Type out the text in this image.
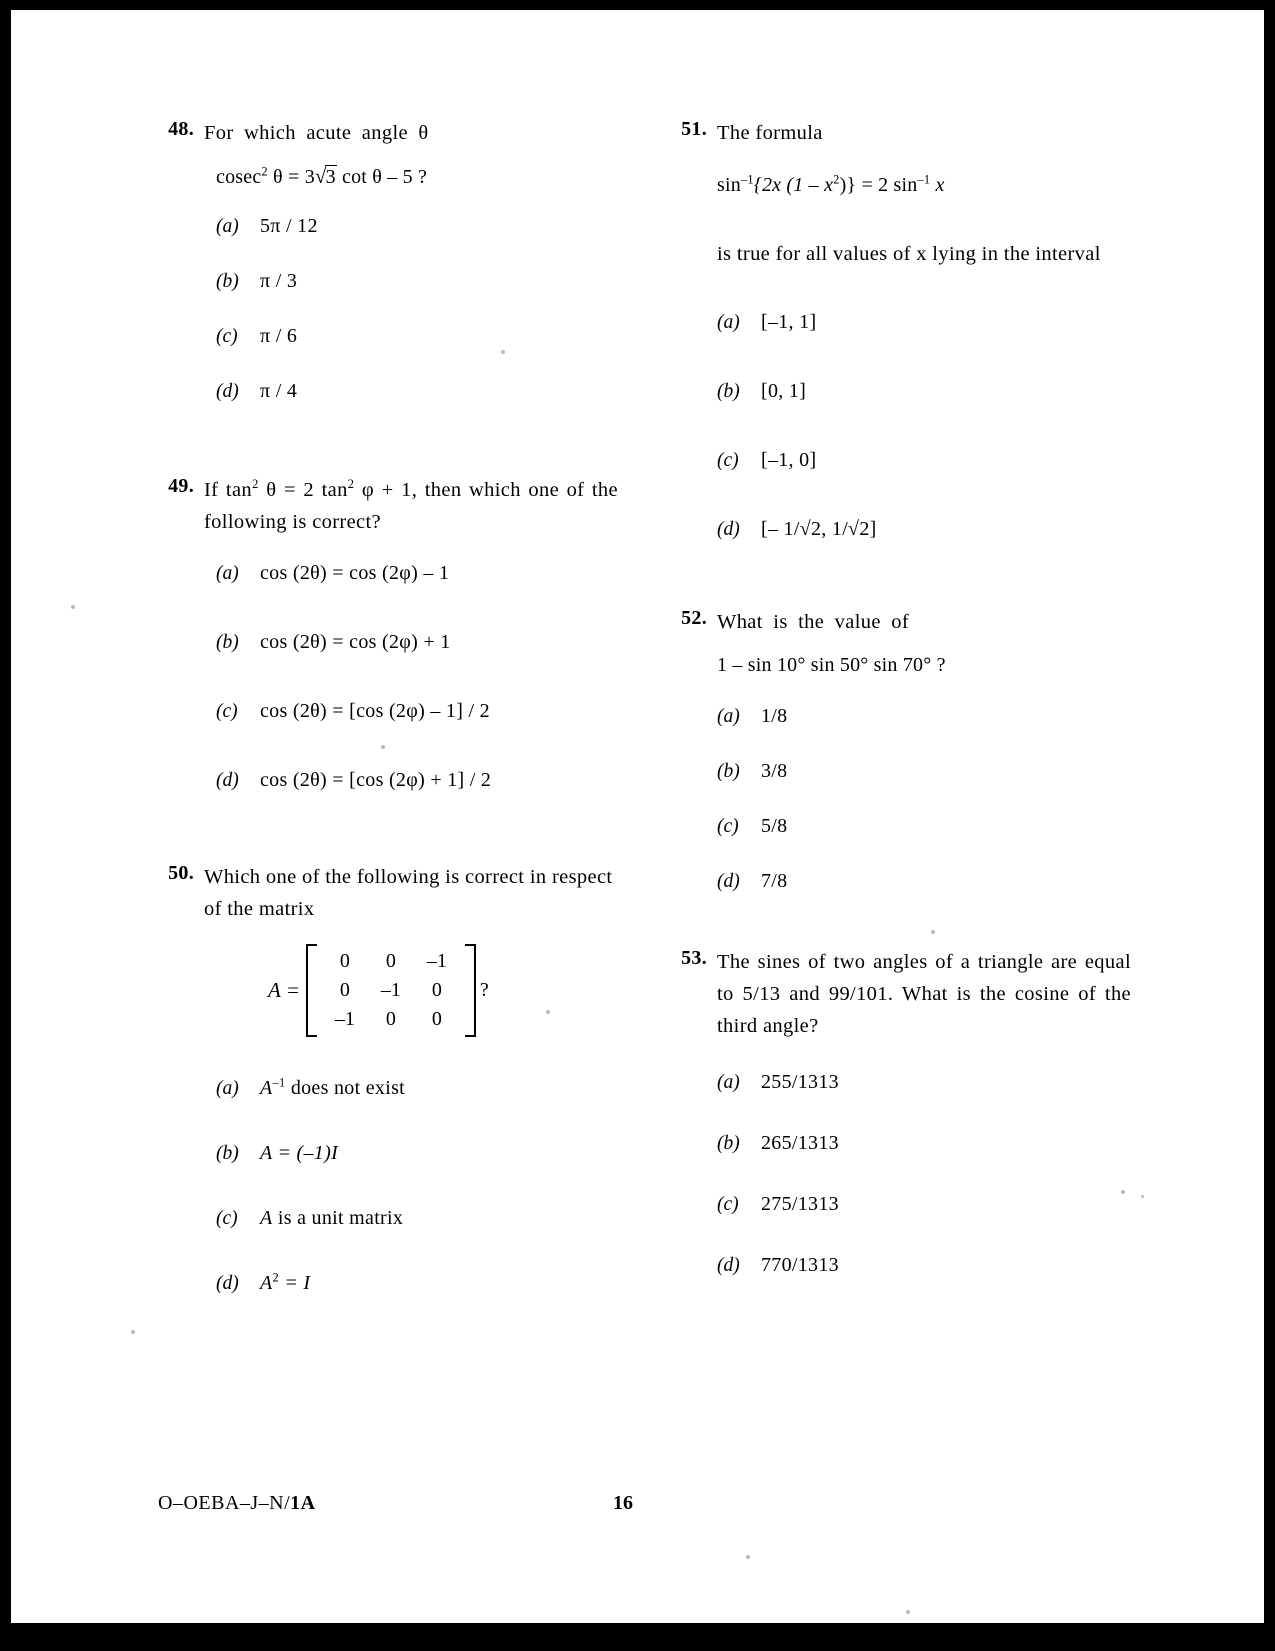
48. For which acute angle θ
cosec$^2$ θ = 3√3 cot θ – 5 ?
(a)	5π / 12
(b)	π / 3
(c)	π / 6
(d)	π / 4
49. If $\tan^2 \theta = 2$ $\tan^2 \varphi + 1$, then which one of the following is correct?
(a)	cos (2θ) = cos (2φ) – 1
(b)	cos (2θ) = cos (2φ) + 1
(c)	cos (2θ) = [cos (2φ) – 1] / 2
(d)	cos (2θ) = [cos (2φ) + 1] / 2
50. Which one of the following is correct in respect of the matrix
A =
0	0	–1
0	–1	0
–1	0	0
?
(a)	$A^{-1}$ does not exist
(b)	A = (–1)I
(c)	A is a unit matrix
(d)	$A^2 = I$
51. The formula
$\sin^{-1}\{2x$ $(1 - x^2)\} = 2$ $\sin^{-1} x$
is true for all values of x lying in the interval
(a)	[–1, 1]
(b)	[0, 1]
(c)	[–1, 0]
(d)	[– 1/√2, 1/√2]
52. What is the value of
1 – sin 10° sin 50° sin 70° ?
(a)	1/8
(b)	3/8
(c)	5/8
(d)	7/8
53. The sines of two angles of a triangle are equal to 5/13 and 99/101. What is the cosine of the third angle?
(a)	255/1313
(b)	265/1313
(c)	275/1313
(d)	770/1313
O–OEBA–J–N/1A	16
